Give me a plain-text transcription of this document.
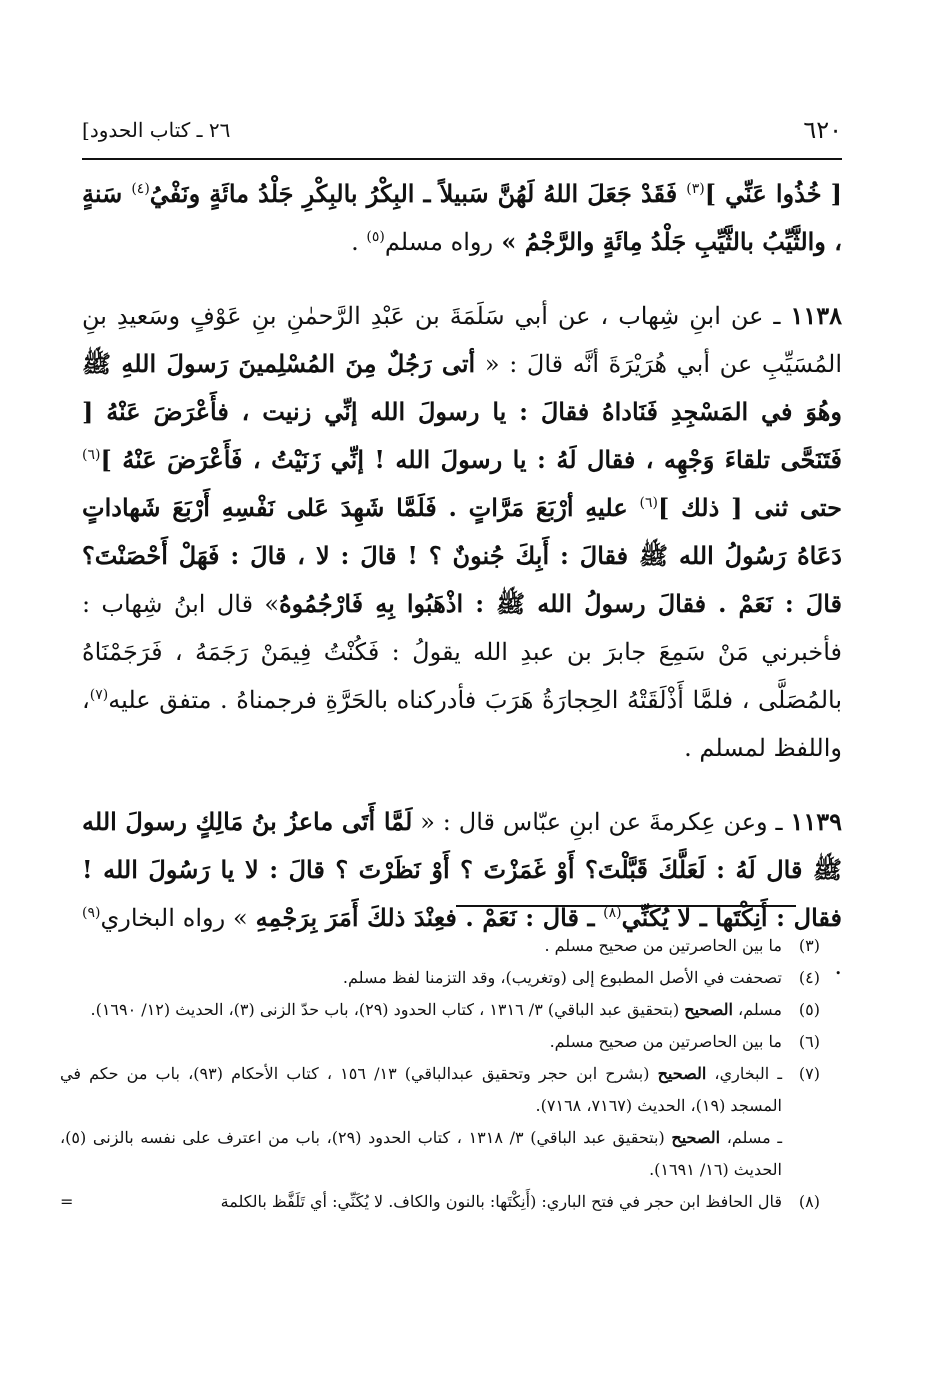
٦٢٠
[٢٦ ـ كتاب الحدود

[ خُذُوا عَنِّي ]$^{(٣)}$ فَقَدْ جَعَلَ اللهُ لَهُنَّ سَبيلاً ـ البِكْرُ بالبِكْرِ جَلْدُ مائَةٍ ونَفْيُ$^{(٤)}$ سَنةٍ ، والثَّيِّبُ بالثَّيِّبِ جَلْدُ مِائَةٍ والرَّجْمُ » رواه مسلم$^{(٥)}$ .

١١٣٨ ـ عن ابنِ شِهاب ، عن أبي سَلَمَةَ بن عَبْدِ الرَّحمٰنِ بنِ عَوْفٍ وسَعيدِ بنِ المُسَيِّبِ عن أبي هُرَيْرَةَ أنَّه قالَ : « أتى رَجُلٌ مِنَ المُسْلِمينَ رَسولَ اللهِ ﷺ وهُوَ في المَسْجِدِ فَنَاداهُ فقالَ : يا رسولَ الله إنِّي زنيت ، فأَعْرَضَ عَنْهُ [ فَتَنَحَّى تلقاءَ وَجْهِه ، فقال لَهُ : يا رسولَ الله ! إنِّي زَنَيْتُ ، فَأَعْرَضَ عَنْهُ ]$^{(٦)}$ حتى ثنى [ ذلك ]$^{(٦)}$ عليهِ أرْبَعَ مَرَّاتٍ . فَلَمَّا شَهِدَ عَلى نَفْسِهِ أَرْبَعَ شَهاداتٍ دَعَاهُ رَسُولُ الله ﷺ فقالَ : أَبِكَ جُنونٌ ؟ ! قالَ : لا ، قالَ : فَهَلْ أَحْصَنْتَ؟ قالَ : نَعَمْ . فقالَ رسولُ الله ﷺ : اذْهَبُوا بِهِ فَارْجُمُوهُ» قال ابنُ شِهاب : فأخبرني مَنْ سَمِعَ جابرَ بن عبدِ الله يقولُ : فَكُنْتُ فِيمَنْ رَجَمَهُ ، فَرَجَمْنَاهُ بالمُصَلَّى ، فلمَّا أَذْلَقَتْهُ الحِجارَةُ هَرَبَ فأدركناه بالحَرَّةِ فرجمناهُ . متفق عليه$^{(٧)}$، واللفظ لمسلم .

١١٣٩ ـ وعن عِكرمةَ عن ابنِ عبّاس قال : « لَمَّا أَتَى ماعزُ بنُ مَالِكٍ رسولَ الله ﷺ قال لَهُ : لَعَلَّكَ قَبَّلْتَ؟ أَوْ غَمَزْتَ ؟ أَوْ نَظَرْتَ ؟ قالَ : لا يا رَسُولَ الله ! فقال : أَنِكْتَها ـ لا يُكَنِّي$^{(٨)}$ ـ قال : نَعَمْ . فعِنْدَ ذلكَ أَمَرَ بِرَجْمِهِ » رواه البخاري$^{(٩)}$ .

(٣)
ما بين الحاصرتين من صحيح مسلم .
(٤)
تصحفت في الأصل المطبوع إلى (وتغريب)، وقد التزمنا لفظ مسلم.
(٥)
مسلم، الصحيح (بتحقيق عبد الباقي) ٣/ ١٣١٦ ، كتاب الحدود (٢٩)، باب حدّ الزنى (٣)، الحديث (١٢/ ١٦٩٠).
(٦)
ما بين الحاصرتين من صحيح مسلم.
(٧)
ـ البخاري، الصحيح (بشرح ابن حجر وتحقيق عبدالباقي) ١٣/ ١٥٦ ، كتاب الأحكام (٩٣)، باب من حكم في المسجد (١٩)، الحديث (٧١٦٧، ٧١٦٨).
ـ مسلم، الصحيح (بتحقيق عبد الباقي) ٣/ ١٣١٨ ، كتاب الحدود (٢٩)، باب من اعترف على نفسه بالزنى (٥)، الحديث (١٦/ ١٦٩١).
(٨)
قال الحافظ ابن حجر في فتح الباري: (أَنِكْتَها: بالنون والكاف. لا يُكَنِّي: أي تَلَفَّظ بالكلمة
=
